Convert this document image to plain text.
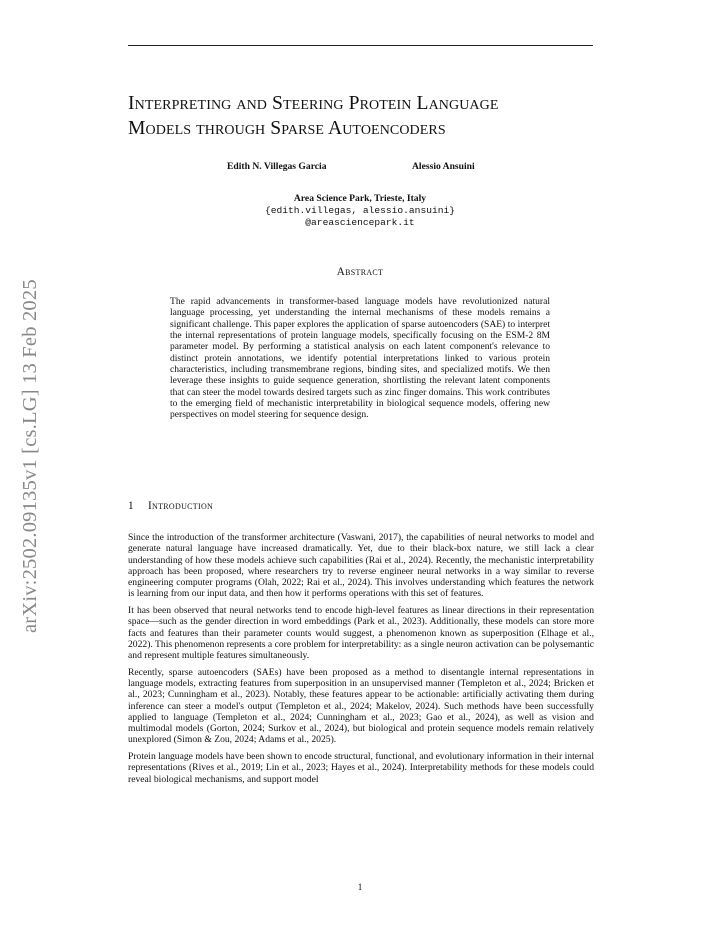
arXiv:2502.09135v1 [cs.LG] 13 Feb 2025
Interpreting and Steering Protein Language
Models through Sparse Autoencoders
Edith N. Villegas Garcia	Alessio Ansuini
Area Science Park, Trieste, Italy
{edith.villegas, alessio.ansuini}
@areasciencepark.it
Abstract
The rapid advancements in transformer-based language models have revolutionized natural language processing, yet understanding the internal mechanisms of these models remains a significant challenge. This paper explores the application of sparse autoencoders (SAE) to interpret the internal representations of protein language models, specifically focusing on the ESM-2 8M parameter model. By performing a statistical analysis on each latent component's relevance to distinct protein annotations, we identify potential interpretations linked to various protein characteristics, including transmembrane regions, binding sites, and specialized motifs. We then leverage these insights to guide sequence generation, shortlisting the relevant latent components that can steer the model towards desired targets such as zinc finger domains. This work contributes to the emerging field of mechanistic interpretability in biological sequence models, offering new perspectives on model steering for sequence design.
1 Introduction

Since the introduction of the transformer architecture (Vaswani, 2017), the capabilities of neural networks to model and generate natural language have increased dramatically. Yet, due to their black-box nature, we still lack a clear understanding of how these models achieve such capabilities (Rai et al., 2024). Recently, the mechanistic interpretability approach has been proposed, where researchers try to reverse engineer neural networks in a way similar to reverse engineering computer programs (Olah, 2022; Rai et al., 2024). This involves understanding which features the network is learning from our input data, and then how it performs operations with this set of features.

It has been observed that neural networks tend to encode high-level features as linear directions in their representation space—such as the gender direction in word embeddings (Park et al., 2023). Additionally, these models can store more facts and features than their parameter counts would suggest, a phenomenon known as superposition (Elhage et al., 2022). This phenomenon represents a core problem for interpretability: as a single neuron activation can be polysemantic and represent multiple features simultaneously.

Recently, sparse autoencoders (SAEs) have been proposed as a method to disentangle internal representations in language models, extracting features from superposition in an unsupervised manner (Templeton et al., 2024; Bricken et al., 2023; Cunningham et al., 2023). Notably, these features appear to be actionable: artificially activating them during inference can steer a model's output (Templeton et al., 2024; Makelov, 2024). Such methods have been successfully applied to language (Templeton et al., 2024; Cunningham et al., 2023; Gao et al., 2024), as well as vision and multimodal models (Gorton, 2024; Surkov et al., 2024), but biological and protein sequence models remain relatively unexplored (Simon & Zou, 2024; Adams et al., 2025).

Protein language models have been shown to encode structural, functional, and evolutionary information in their internal representations (Rives et al., 2019; Lin et al., 2023; Hayes et al., 2024). Interpretability methods for these models could reveal biological mechanisms, and support model

1
